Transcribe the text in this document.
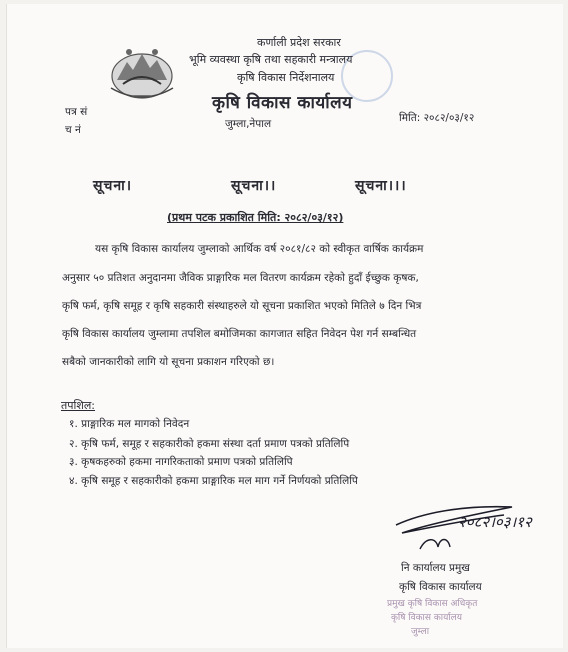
कर्णाली प्रदेश सरकार
भूमि व्यवस्था कृषि तथा सहकारी मन्त्रालय
कृषि विकास निर्देशनालय
कृषि विकास कार्यालय
जुम्ला,नेपाल
पत्र सं
च नं
मिति: २०८२/०३/१२
सूचना।	सूचना।।	सूचना।।।
(प्रथम पटक प्रकाशित मिति: २०८२/०३/१२)
यस कृषि विकास कार्यालय जुम्लाको आर्थिक वर्ष २०८१/८२ को स्वीकृत वार्षिक कार्यक्रम
अनुसार ५० प्रतिशत अनुदानमा जैविक प्राङ्गारिक मल वितरण कार्यक्रम रहेको हुदाँ ईच्छुक कृषक,
कृषि फर्म, कृषि समूह र कृषि सहकारी संस्थाहरुले यो सूचना प्रकाशित भएको मितिले ७ दिन भित्र
कृषि विकास कार्यालय जुम्लामा तपशिल बमोजिमका कागजात सहित निवेदन पेश गर्न सम्बन्धित
सबैको जानकारीको लागि यो सूचना प्रकाशन गरिएको छ।
तपशिल:
१. प्राङ्गारिक मल मागको निवेदन
२. कृषि फर्म, समूह र सहकारीको हकमा संस्था दर्ता प्रमाण पत्रको प्रतिलिपि
३. कृषकहरुको हकमा नागरिकताको प्रमाण पत्रको प्रतिलिपि
४. कृषि समूह र सहकारीको हकमा प्राङ्गारिक मल माग गर्ने निर्णयको प्रतिलिपि
२०८२।०३।१२
नि कार्यालय प्रमुख
कृषि विकास कार्यालय
प्रमुख कृषि विकास अधिकृत
कृषि विकास कार्यालय
जुम्ला
